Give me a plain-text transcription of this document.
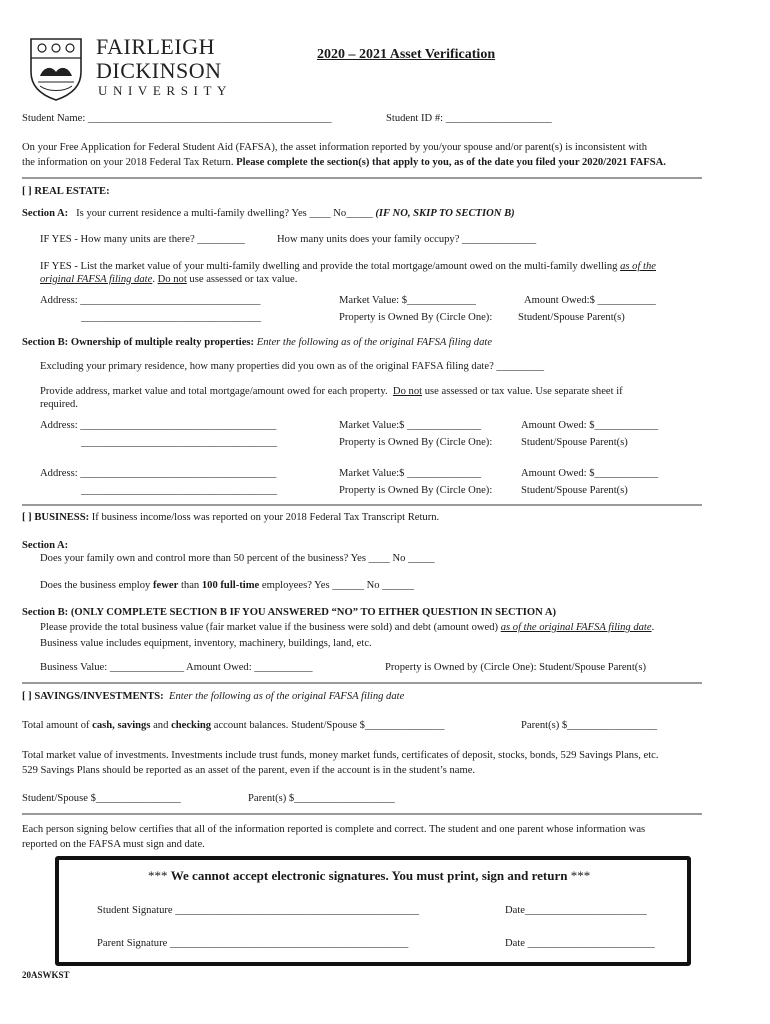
FAIRLEIGH
DICKINSON
UNIVERSITY
2020 – 2021 Asset Verification
Student Name: ______________________________________________	Student ID #: ____________________
On your Free Application for Federal Student Aid (FAFSA), the asset information reported by you/your spouse and/or parent(s) is inconsistent with
the information on your 2018 Federal Tax Return. Please complete the section(s) that apply to you, as of the date you filed your 2020/2021 FAFSA.
[ ] REAL ESTATE:
Section A: Is your current residence a multi-family dwelling? Yes ____ No_____ (IF NO, SKIP TO SECTION B)
IF YES - How many units are there? _________	How many units does your family occupy? ______________
IF YES - List the market value of your multi-family dwelling and provide the total mortgage/amount owed on the multi-family dwelling as of the
original FAFSA filing date. Do not use assessed or tax value.
Address: __________________________________
__________________________________
Market Value: $_____________	Amount Owed:$ ___________
Property is Owned By (Circle One): Student/Spouse Parent(s)
Section B: Ownership of multiple realty properties: Enter the following as of the original FAFSA filing date
Excluding your primary residence, how many properties did you own as of the original FAFSA filing date? _________
Provide address, market value and total mortgage/amount owed for each property. Do not use assessed or tax value. Use separate sheet if
required.
Address: _____________________________________
_____________________________________
Market Value:$ ______________	Amount Owed: $____________
Property is Owned By (Circle One):	Student/Spouse Parent(s)
Address: _____________________________________
_____________________________________
Market Value:$ ______________	Amount Owed: $____________
Property is Owned By (Circle One):	Student/Spouse Parent(s)
[ ] BUSINESS: If business income/loss was reported on your 2018 Federal Tax Transcript Return.
Section A:
Does your family own and control more than 50 percent of the business? Yes ____ No _____
Does the business employ fewer than 100 full-time employees? Yes ______ No ______
Section B: (ONLY COMPLETE SECTION B IF YOU ANSWERED “NO” TO EITHER QUESTION IN SECTION A)
Please provide the total business value (fair market value if the business were sold) and debt (amount owed) as of the original FAFSA filing date.
Business value includes equipment, inventory, machinery, buildings, land, etc.
Business Value: ______________ Amount Owed: ___________	Property is Owned by (Circle One): Student/Spouse Parent(s)
[ ] SAVINGS/INVESTMENTS: Enter the following as of the original FAFSA filing date
Total amount of cash, savings and checking account balances. Student/Spouse $_______________	Parent(s) $_________________
Total market value of investments. Investments include trust funds, money market funds, certificates of deposit, stocks, bonds, 529 Savings Plans, etc.
529 Savings Plans should be reported as an asset of the parent, even if the account is in the student’s name.
Student/Spouse $________________	Parent(s) $___________________
Each person signing below certifies that all of the information reported is complete and correct. The student and one parent whose information was
reported on the FAFSA must sign and date.
*** We cannot accept electronic signatures. You must print, sign and return ***
Student Signature ______________________________________________	Date_______________________
Parent Signature _____________________________________________	Date ________________________
20ASWKST
